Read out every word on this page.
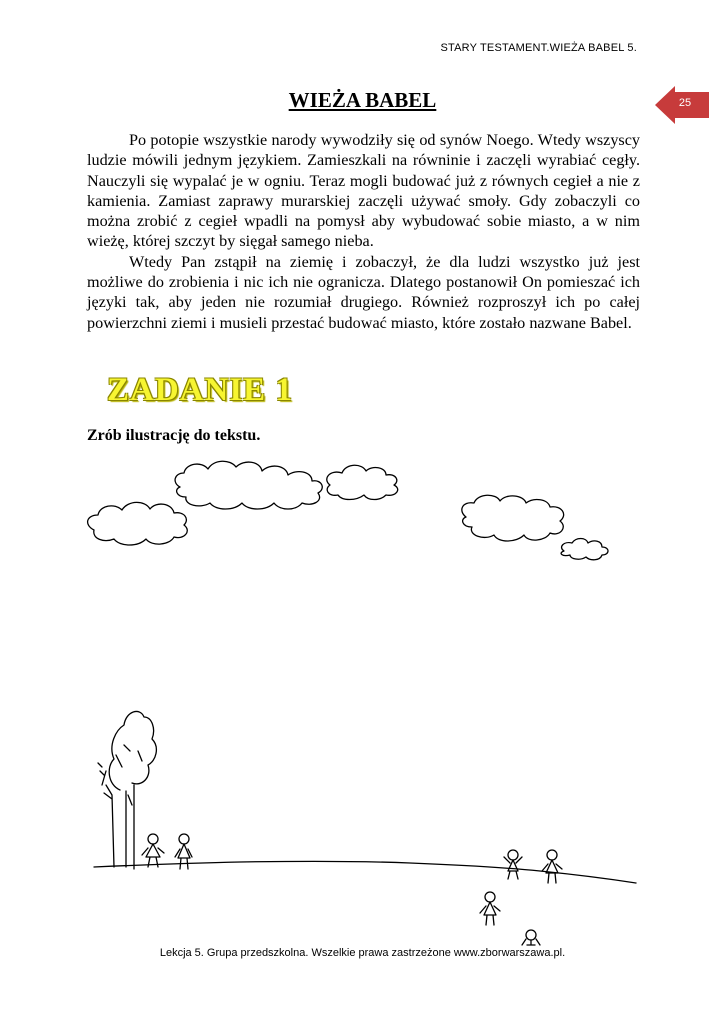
STARY TESTAMENT.WIEŻA BABEL 5.
25
WIEŻA BABEL

Po potopie wszystkie narody wywodziły się od synów Noego. Wtedy wszyscy ludzie mówili jednym językiem. Zamieszkali na równinie i zaczęli wyrabiać cegły. Nauczyli się wypalać je w ogniu. Teraz mogli budować już z równych cegieł a nie z kamienia. Zamiast zaprawy murarskiej zaczęli używać smoły. Gdy zobaczyli co można zrobić z cegieł wpadli na pomysł aby wybudować sobie miasto, a w nim wieżę, której szczyt by sięgał samego nieba.

Wtedy Pan zstąpił na ziemię i zobaczył, że dla ludzi wszystko już jest możliwe do zrobienia i nic ich nie ogranicza. Dlatego postanowił On pomieszać ich języki tak, aby jeden nie rozumiał drugiego. Również rozproszył ich po całej powierzchni ziemi i musieli przestać budować miasto, które zostało nazwane Babel.

ZADANIE 1
Zrób ilustrację do tekstu.
Lekcja 5. Grupa przedszkolna. Wszelkie prawa zastrzeżone www.zborwarszawa.pl.
